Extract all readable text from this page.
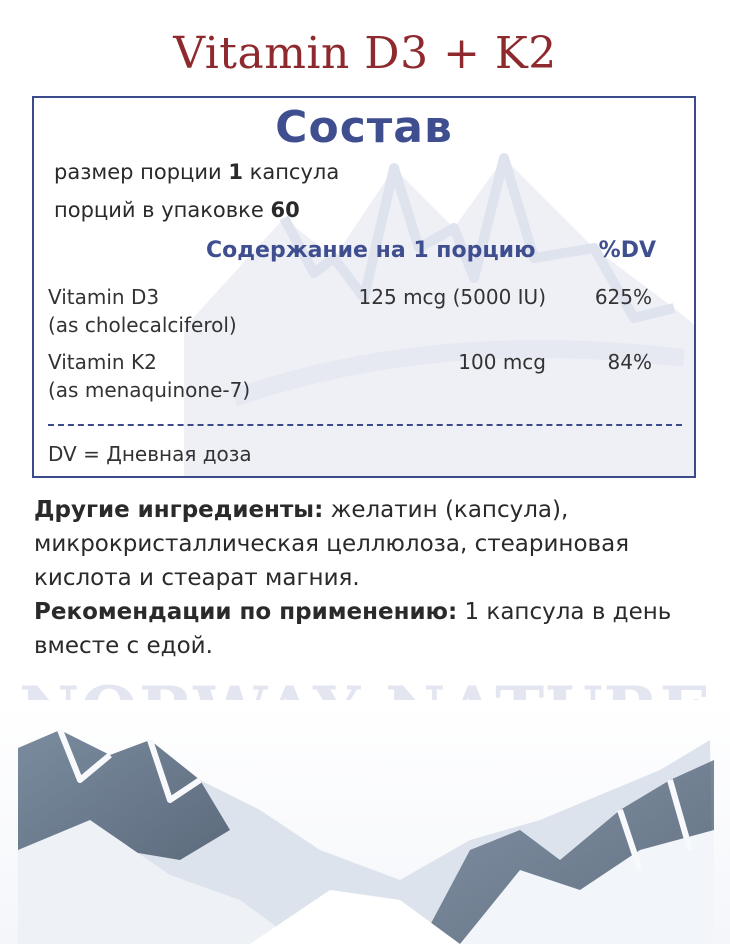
Vitamin D3 + K2
Состав
размер порции 1 капсула
порций в упаковке 60
Содержание на 1 порцию	%DV
Vitamin D3
(as cholecalciferol)
125 mcg (5000 IU) 625%
Vitamin K2
(as menaquinone-7)
100 mcg	84%
DV = Дневная доза
Другие ингредиенты: желатин (капсула), микрокристаллическая целлюлоза, стеариновая кислота и стеарат магния.
Рекомендации по применению: 1 капсула в день вместе с едой.
